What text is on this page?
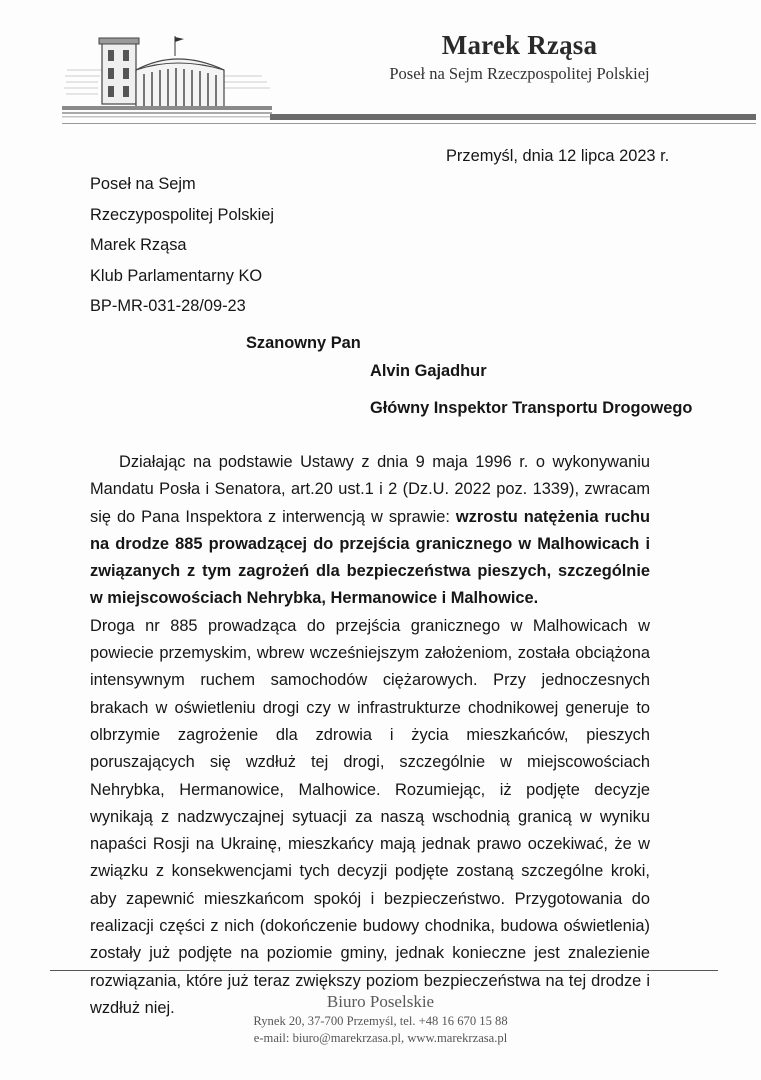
Marek Rząsa
Poseł na Sejm Rzeczpospolitej Polskiej
Przemyśl, dnia 12 lipca 2023 r.
Poseł na Sejm
Rzeczypospolitej Polskiej
Marek Rząsa
Klub Parlamentarny KO
BP-MR-031-28/09-23
Szanowny Pan
Alvin Gajadhur
Główny Inspektor Transportu Drogowego
Działając na podstawie Ustawy z dnia 9 maja 1996 r. o wykonywaniu Mandatu Posła i Senatora, art.20 ust.1 i 2 (Dz.U. 2022 poz. 1339), zwracam się do Pana Inspektora z interwencją w sprawie: wzrostu natężenia ruchu na drodze 885 prowadzącej do przejścia granicznego w Malhowicach i związanych z tym zagrożeń dla bezpieczeństwa pieszych, szczególnie w miejscowościach Nehrybka, Hermanowice i Malhowice.
Droga nr 885 prowadząca do przejścia granicznego w Malhowicach w powiecie przemyskim, wbrew wcześniejszym założeniom, została obciążona intensywnym ruchem samochodów ciężarowych. Przy jednoczesnych brakach w oświetleniu drogi czy w infrastrukturze chodnikowej generuje to olbrzymie zagrożenie dla zdrowia i życia mieszkańców, pieszych poruszających się wzdłuż tej drogi, szczególnie w miejscowościach Nehrybka, Hermanowice, Malhowice. Rozumiejąc, iż podjęte decyzje wynikają z nadzwyczajnej sytuacji za naszą wschodnią granicą w wyniku napaści Rosji na Ukrainę, mieszkańcy mają jednak prawo oczekiwać, że w związku z konsekwencjami tych decyzji podjęte zostaną szczególne kroki, aby zapewnić mieszkańcom spokój i bezpieczeństwo. Przygotowania do realizacji części z nich (dokończenie budowy chodnika, budowa oświetlenia) zostały już podjęte na poziomie gminy, jednak konieczne jest znalezienie rozwiązania, które już teraz zwiększy poziom bezpieczeństwa na tej drodze i wzdłuż niej.	Biuro Poselskie
Rynek 20, 37-700 Przemyśl, tel. +48 16 670 15 88
e-mail: biuro@marekrzasa.pl, www.marekrzasa.pl
